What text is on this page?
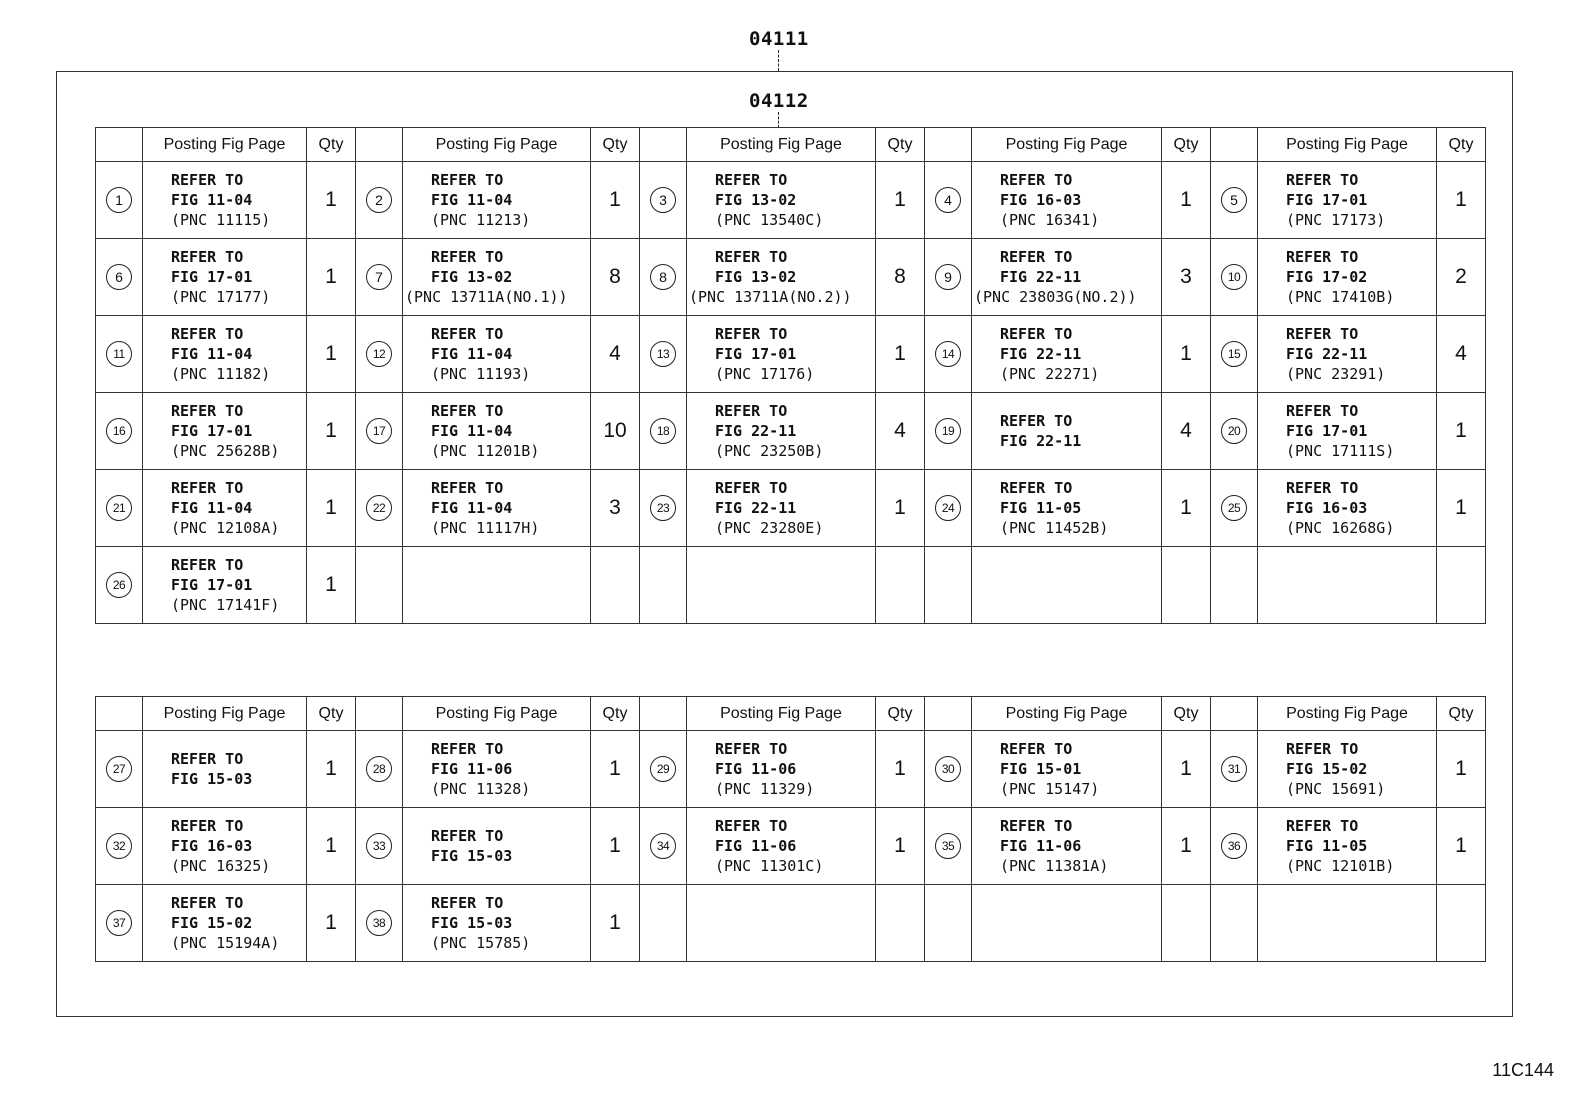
04111
04112
	Posting Fig Page	Qty		Posting Fig Page	Qty		Posting Fig Page	Qty		Posting Fig Page	Qty		Posting Fig Page	Qty
1	REFER TO
FIG 11-04
(PNC 11115)	1	2	REFER TO
FIG 11-04
(PNC 11213)	1	3	REFER TO
FIG 13-02
(PNC 13540C)	1	4	REFER TO
FIG 16-03
(PNC 16341)	1	5	REFER TO
FIG 17-01
(PNC 17173)	1
6	REFER TO
FIG 17-01
(PNC 17177)	1	7	REFER TO
FIG 13-02
(PNC 13711A(NO.1))	8	8	REFER TO
FIG 13-02
(PNC 13711A(NO.2))	8	9	REFER TO
FIG 22-11
(PNC 23803G(NO.2))	3	10	REFER TO
FIG 17-02
(PNC 17410B)	2
11	REFER TO
FIG 11-04
(PNC 11182)	1	12	REFER TO
FIG 11-04
(PNC 11193)	4	13	REFER TO
FIG 17-01
(PNC 17176)	1	14	REFER TO
FIG 22-11
(PNC 22271)	1	15	REFER TO
FIG 22-11
(PNC 23291)	4
16	REFER TO
FIG 17-01
(PNC 25628B)	1	17	REFER TO
FIG 11-04
(PNC 11201B)	10	18	REFER TO
FIG 22-11
(PNC 23250B)	4	19	REFER TO
FIG 22-11	4	20	REFER TO
FIG 17-01
(PNC 17111S)	1
21	REFER TO
FIG 11-04
(PNC 12108A)	1	22	REFER TO
FIG 11-04
(PNC 11117H)	3	23	REFER TO
FIG 22-11
(PNC 23280E)	1	24	REFER TO
FIG 11-05
(PNC 11452B)	1	25	REFER TO
FIG 16-03
(PNC 16268G)	1
26	REFER TO
FIG 17-01
(PNC 17141F)	1												
	Posting Fig Page	Qty		Posting Fig Page	Qty		Posting Fig Page	Qty		Posting Fig Page	Qty		Posting Fig Page	Qty
27	REFER TO
FIG 15-03	1	28	REFER TO
FIG 11-06
(PNC 11328)	1	29	REFER TO
FIG 11-06
(PNC 11329)	1	30	REFER TO
FIG 15-01
(PNC 15147)	1	31	REFER TO
FIG 15-02
(PNC 15691)	1
32	REFER TO
FIG 16-03
(PNC 16325)	1	33	REFER TO
FIG 15-03	1	34	REFER TO
FIG 11-06
(PNC 11301C)	1	35	REFER TO
FIG 11-06
(PNC 11381A)	1	36	REFER TO
FIG 11-05
(PNC 12101B)	1
37	REFER TO
FIG 15-02
(PNC 15194A)	1	38	REFER TO
FIG 15-03
(PNC 15785)	1									
11C144
